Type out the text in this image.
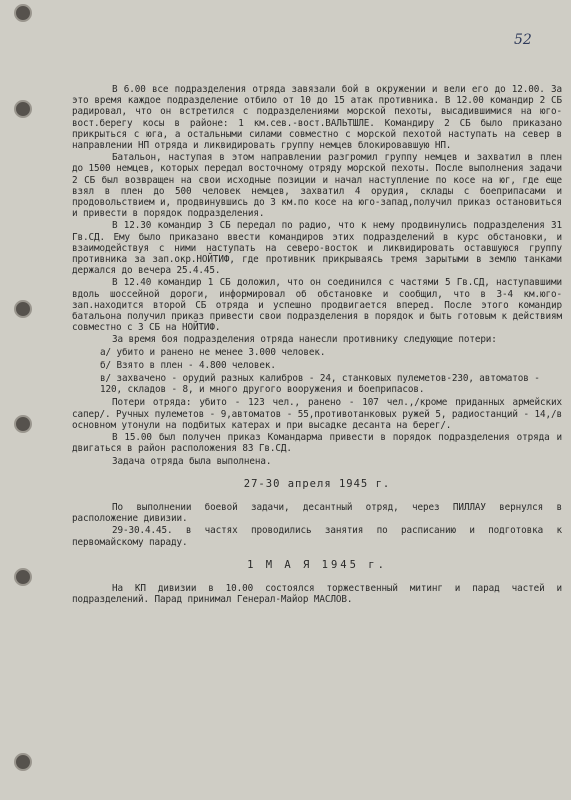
52

В 6.00 все подразделения отряда завязали бой в окружении и вели его до 12.00. За это время каждое подразделение отбило от 10 до 15 атак противника. В 12.00 командир 2 СБ радировал, что он встретился с подразделениями морской пехоты, высадившимися на юго-вост.берегу косы в районе: 1 км.сев.-вост.ВАЛЬТШЛЕ. Командиру 2 СБ было приказано прикрыться с юга, а остальными силами совместно с морской пехотой наступать на север в направлении НП отряда и ликвидировать группу немцев блокировавшую НП.

Батальон, наступая в этом направлении разгромил группу немцев и захватил в плен до 1500 немцев, которых передал восточному отряду морской пехоты. После выполнения задачи 2 СБ был возвращен на свои исходные позиции и начал наступление по косе на юг, где еще взял в плен до 500 человек немцев, захватил 4 орудия, склады с боеприпасами и продовольствием и, продвинувшись до 3 км.по косе на юго-запад,получил приказ остановиться и привести в порядок подразделения.

В 12.30 командир 3 СБ передал по радио, что к нему продвинулись подразделения 31 Гв.СД. Ему было приказано ввести командиров этих подразделений в курс обстановки, и взаимодействуя с ними наступать на северо-восток и ликвидировать оставшуюся группу противника за зап.окр.НОЙТИФ, где противник прикрываясь тремя зарытыми в землю танками держался до вечера 25.4.45.

В 12.40 командир 1 СБ доложил, что он соединился с частями 5 Гв.СД, наступавшими вдоль шоссейной дороги, информировал об обстановке и сообщил, что в 3-4 км.юго-зап.находится второй СБ отряда и успешно продвигается вперед. После этого командир батальона получил приказ привести свои подразделения в порядок и быть готовым к действиям совместно с 3 СБ на НОЙТИФ.

За время боя подразделения отряда нанесли противнику следующие потери:

а/ убито и ранено не менее 3.000 человек.
б/ Взято в плен - 4.800 человек.
в/ захвачено - орудий разных калибров - 24, станковых пулеметов-230, автоматов - 120, складов - 8, и много другого вооружения и боеприпасов.

Потери отряда: убито - 123 чел., ранено - 107 чел.,/кроме приданных армейских сапер/. Ручных пулеметов - 9,автоматов - 55,противотанковых ружей 5, радиостанций - 14,/в основном утонули на подбитых катерах и при высадке десанта на берег/.

В 15.00 был получен приказ Командарма привести в порядок подразделения отряда и двигаться в район расположения 83 Гв.СД.

Задача отряда была выполнена.

27-30 апреля 1945 г.

По выполнении боевой задачи, десантный отряд, через ПИЛЛАУ вернулся в расположение дивизии.

29-30.4.45. в частях проводились занятия по расписанию и подготовка к первомайскому параду.

1 М А Я 1945 г.

На КП дивизии в 10.00 состоялся торжественный митинг и парад частей и подразделений. Парад принимал Генерал-Майор МАСЛОВ.
